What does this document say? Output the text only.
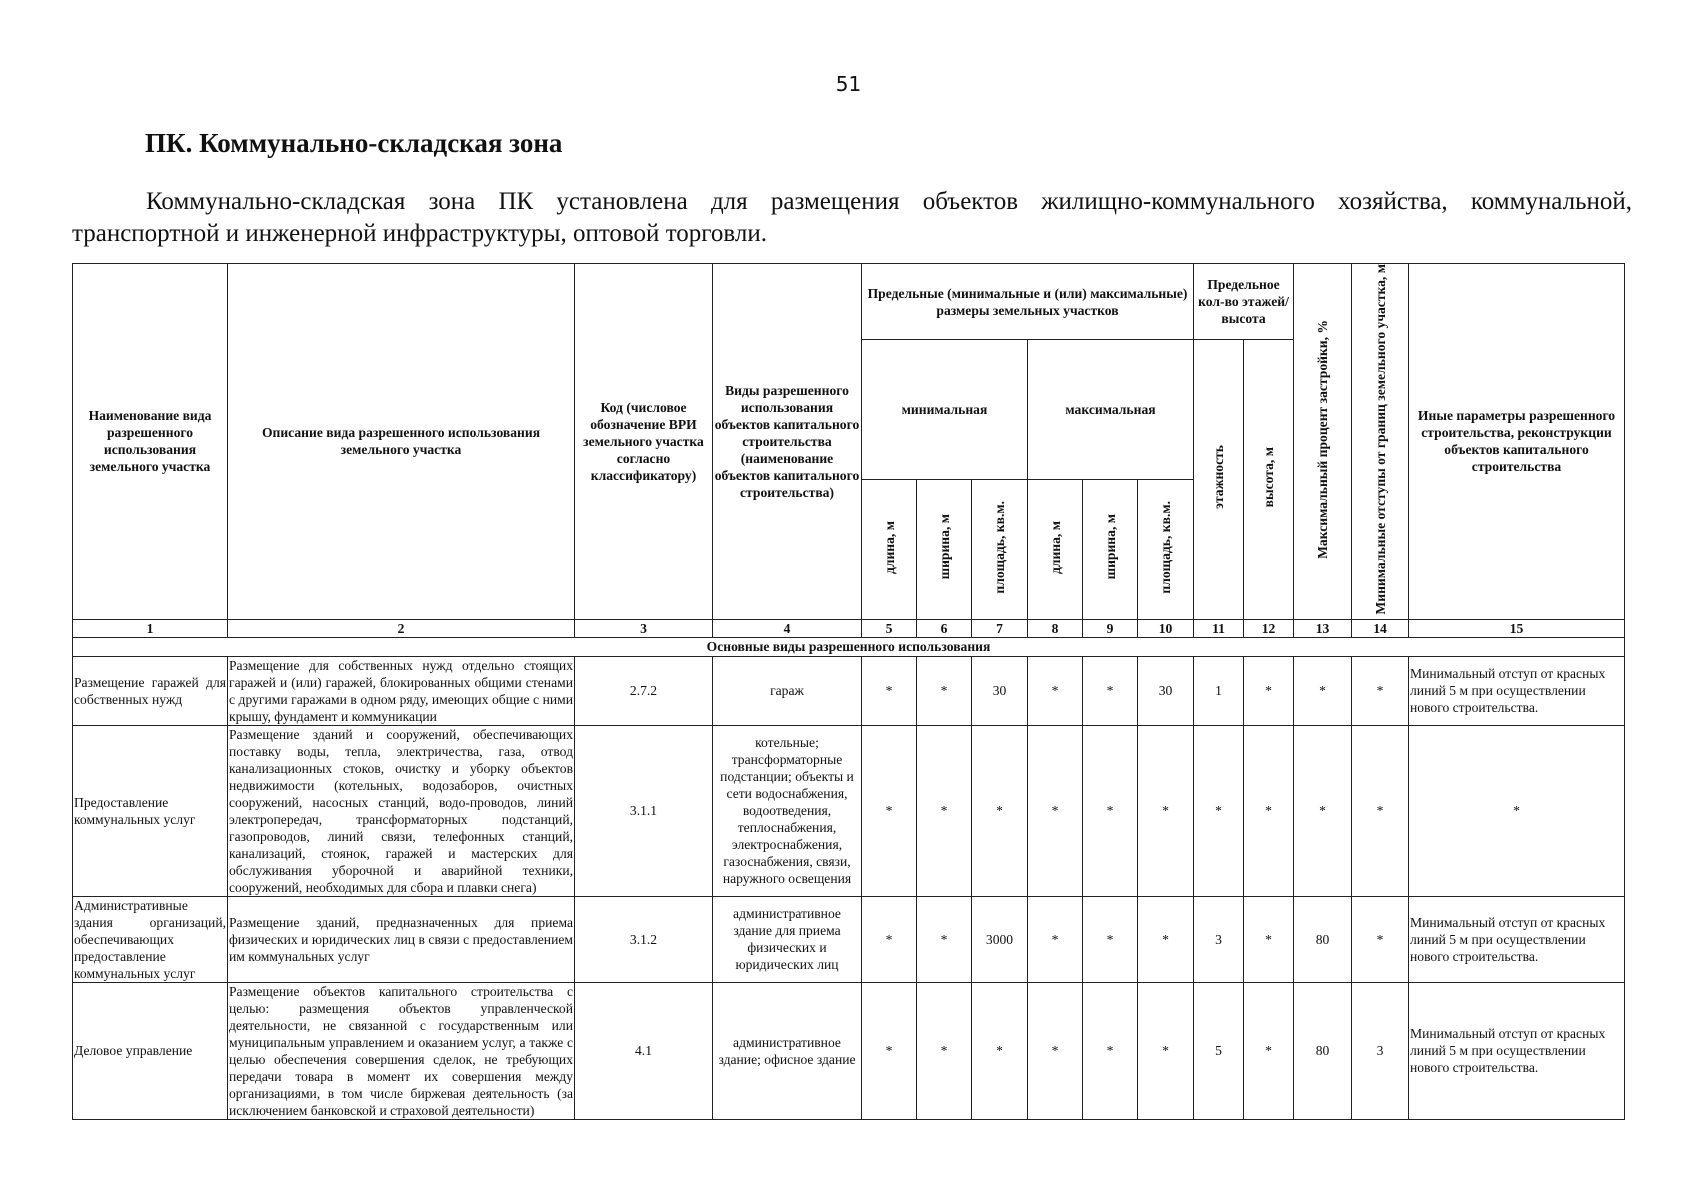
51
ПК. Коммунально-складская зона
Коммунально-складская зона ПК установлена для размещения объектов жилищно-коммунального хозяйства, коммунальной, транспортной и инженерной инфраструктуры, оптовой торговли.
Наименование вида разрешенного использования земельного участка	Описание вида разрешенного использования земельного участка	Код (числовое обозначение ВРИ земельного участка согласно классификатору)	Виды разрешенного использования объектов капитального строительства (наименование объектов капитального строительства)	Предельные (минимальные и (или) максимальные) размеры земельных участков						Предельное кол-во этажей/ высота		Максимальный процент застройки, %	Минимальные отступы от границ земельного участка, м	Иные параметры разрешенного строительства, реконструкции объектов капитального строительства
				минимальная			максимальная			этажность	высота, м			
				длина, м	ширина, м	площадь, кв.м.	длина, м	ширина, м	площадь, кв.м.					
1	2	3	4	5	6	7	8	9	10	11	12	13	14	15
Основные виды разрешенного использования														
Размещение гаражей для собственных нужд	Размещение для собственных нужд отдельно стоящих гаражей и (или) гаражей, блокированных общими стенами с другими гаражами в одном ряду, имеющих общие с ними крышу, фундамент и коммуникации	2.7.2	гараж	*	*	30	*	*	30	1	*	*	*	Минимальный отступ от красных линий 5 м при осуществлении нового строительства.
Предоставление коммунальных услуг	Размещение зданий и сооружений, обеспечивающих поставку воды, тепла, электричества, газа, отвод канализационных стоков, очистку и уборку объектов недвижимости (котельных, водозаборов, очистных сооружений, насосных станций, водо-проводов, линий электропередач, трансформаторных подстанций, газопроводов, линий связи, телефонных станций, канализаций, стоянок, гаражей и мастерских для обслуживания уборочной и аварийной техники, сооружений, необходимых для сбора и плавки снега)	3.1.1	котельные; трансформаторные подстанции; объекты и сети водоснабжения, водоотведения, теплоснабжения, электроснабжения, газоснабжения, связи, наружного освещения	*	*	*	*	*	*	*	*	*	*	*
Административные здания организаций, обеспечивающих предоставление коммунальных услуг	Размещение зданий, предназначенных для приема физических и юридических лиц в связи с предоставлением им коммунальных услуг	3.1.2	административное здание для приема физических и юридических лиц	*	*	3000	*	*	*	3	*	80	*	Минимальный отступ от красных линий 5 м при осуществлении нового строительства.
Деловое управление	Размещение объектов капитального строительства с целью: размещения объектов управленческой деятельности, не связанной с государственным или муниципальным управлением и оказанием услуг, а также с целью обеспечения совершения сделок, не требующих передачи товара в момент их совершения между организациями, в том числе биржевая деятельность (за исключением банковской и страховой деятельности)	4.1	административное здание; офисное здание	*	*	*	*	*	*	5	*	80	3	Минимальный отступ от красных линий 5 м при осуществлении нового строительства.
